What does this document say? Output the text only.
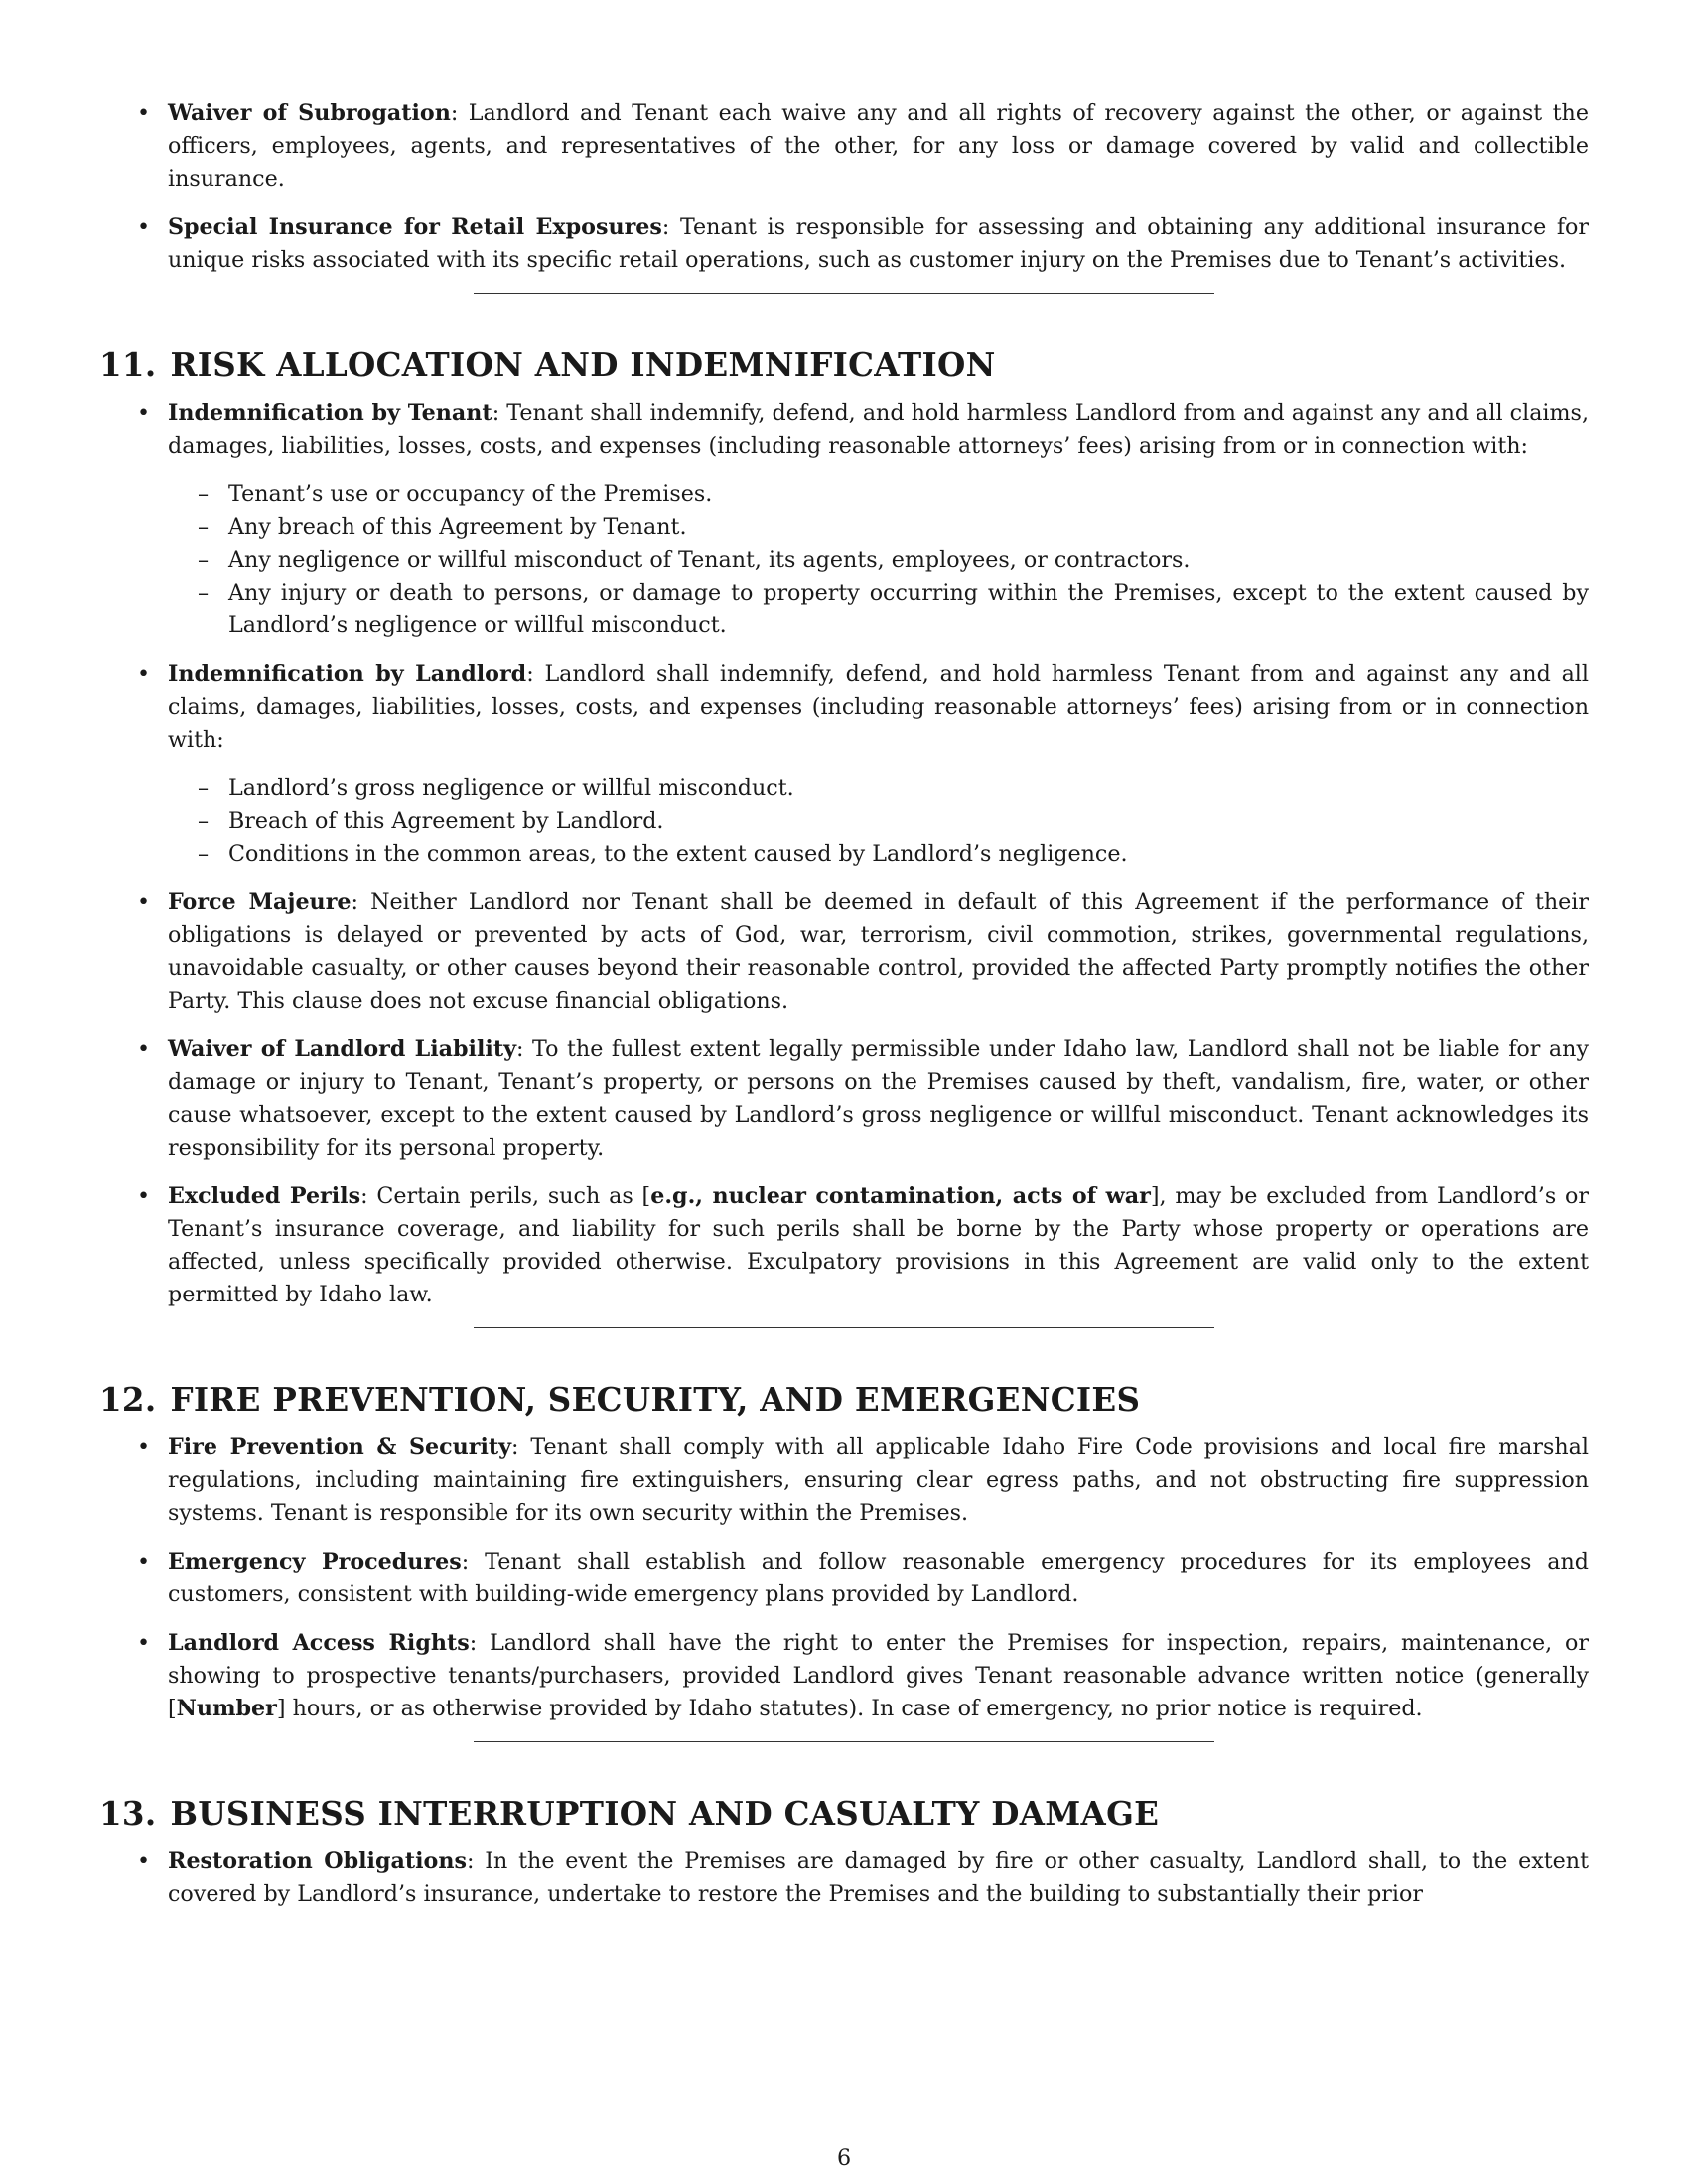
• Waiver of Subrogation: Landlord and Tenant each waive any and all rights of recovery against the other, or against the officers, employees, agents, and representatives of the other, for any loss or damage covered by valid and collectible insurance.
• Special Insurance for Retail Exposures: Tenant is responsible for assessing and obtaining any additional insurance for unique risks associated with its specific retail operations, such as customer injury on the Premises due to Tenant’s activities.
11. RISK ALLOCATION AND INDEMNIFICATION
• Indemnification by Tenant: Tenant shall indemnify, defend, and hold harmless Landlord from and against any and all claims, damages, liabilities, losses, costs, and expenses (including reasonable attorneys’ fees) arising from or in connection with:
– Tenant’s use or occupancy of the Premises.
– Any breach of this Agreement by Tenant.
– Any negligence or willful misconduct of Tenant, its agents, employees, or contractors.
– Any injury or death to persons, or damage to property occurring within the Premises, except to the extent caused by Landlord’s negligence or willful misconduct.
• Indemnification by Landlord: Landlord shall indemnify, defend, and hold harmless Tenant from and against any and all claims, damages, liabilities, losses, costs, and expenses (including reasonable attorneys’ fees) arising from or in connection with:
– Landlord’s gross negligence or willful misconduct.
– Breach of this Agreement by Landlord.
– Conditions in the common areas, to the extent caused by Landlord’s negligence.
• Force Majeure: Neither Landlord nor Tenant shall be deemed in default of this Agreement if the performance of their obligations is delayed or prevented by acts of God, war, terrorism, civil commotion, strikes, governmental regulations, unavoidable casualty, or other causes beyond their reasonable control, provided the affected Party promptly notifies the other Party. This clause does not excuse financial obligations.
• Waiver of Landlord Liability: To the fullest extent legally permissible under Idaho law, Landlord shall not be liable for any damage or injury to Tenant, Tenant’s property, or persons on the Premises caused by theft, vandalism, fire, water, or other cause whatsoever, except to the extent caused by Landlord’s gross negligence or willful misconduct. Tenant acknowledges its responsibility for its personal property.
• Excluded Perils: Certain perils, such as [e.g., nuclear contamination, acts of war], may be excluded from Landlord’s or Tenant’s insurance coverage, and liability for such perils shall be borne by the Party whose property or operations are affected, unless specifically provided otherwise. Exculpatory provisions in this Agreement are valid only to the extent permitted by Idaho law.
12. FIRE PREVENTION, SECURITY, AND EMERGENCIES
• Fire Prevention & Security: Tenant shall comply with all applicable Idaho Fire Code provisions and local fire marshal regulations, including maintaining fire extinguishers, ensuring clear egress paths, and not obstructing fire suppression systems. Tenant is responsible for its own security within the Premises.
• Emergency Procedures: Tenant shall establish and follow reasonable emergency procedures for its employees and customers, consistent with building-wide emergency plans provided by Landlord.
• Landlord Access Rights: Landlord shall have the right to enter the Premises for inspection, repairs, maintenance, or showing to prospective tenants/purchasers, provided Landlord gives Tenant reasonable advance written notice (generally [Number] hours, or as otherwise provided by Idaho statutes). In case of emergency, no prior notice is required.
13. BUSINESS INTERRUPTION AND CASUALTY DAMAGE
• Restoration Obligations: In the event the Premises are damaged by fire or other casualty, Landlord shall, to the extent covered by Landlord’s insurance, undertake to restore the Premises and the building to substantially their prior
6
